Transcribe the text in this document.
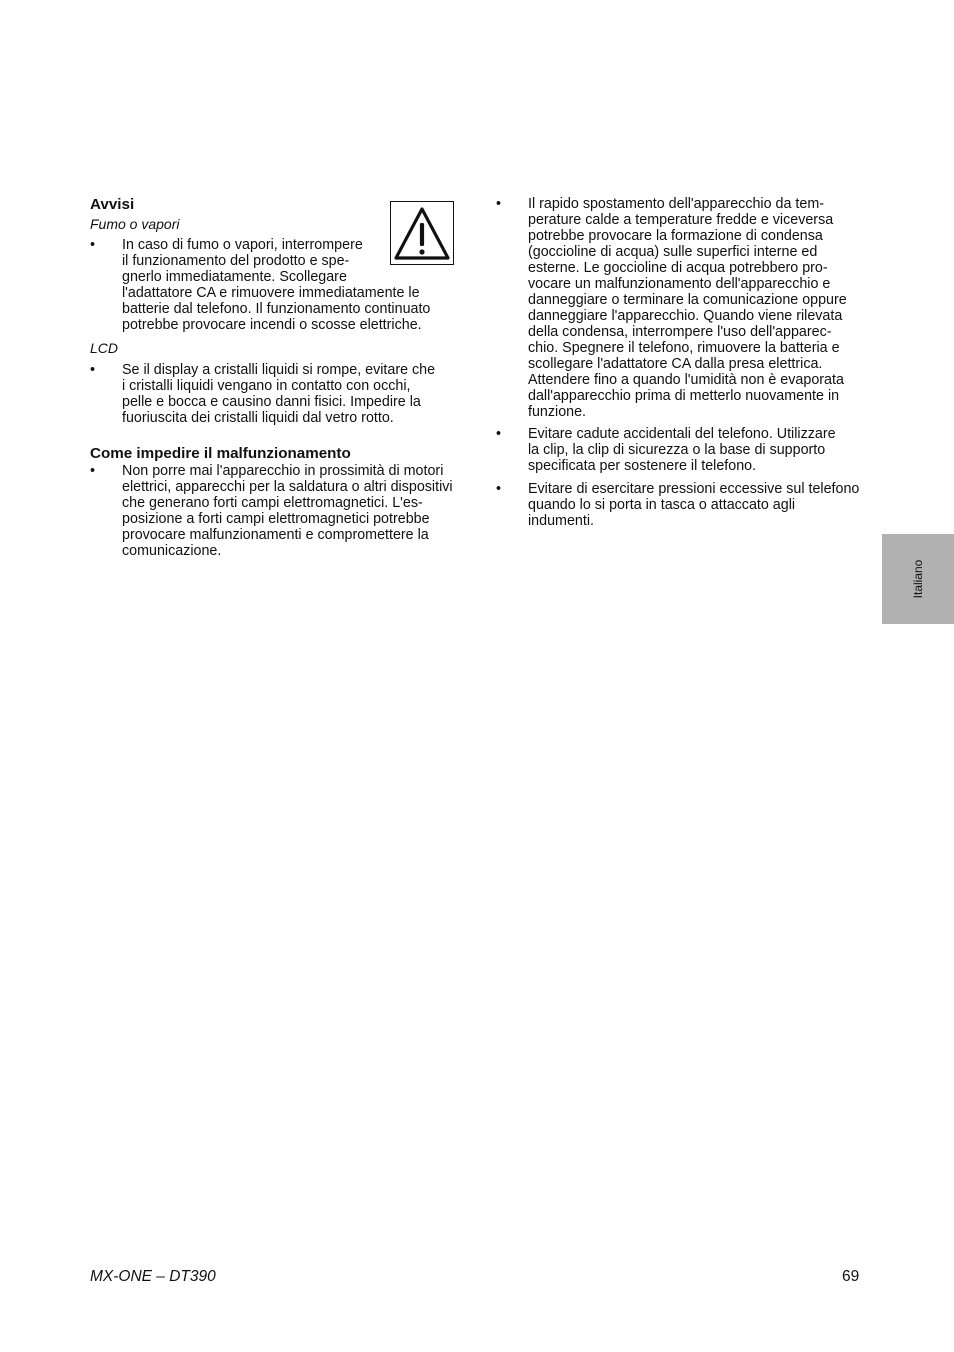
Avvisi
Fumo o vapori
•	In caso di fumo o vapori, interrompere
il funzionamento del prodotto e spe-
gnerlo immediatamente. Scollegare
l'adattatore CA e rimuovere immediatamente le
batterie dal telefono. Il funzionamento continuato
potrebbe provocare incendi o scosse elettriche.
LCD
•	Se il display a cristalli liquidi si rompe, evitare che
i cristalli liquidi vengano in contatto con occhi,
pelle e bocca e causino danni fisici. Impedire la
fuoriuscita dei cristalli liquidi dal vetro rotto.
Come impedire il malfunzionamento
•	Non porre mai l'apparecchio in prossimità di motori
elettrici, apparecchi per la saldatura o altri dispositivi
che generano forti campi elettromagnetici. L'es-
posizione a forti campi elettromagnetici potrebbe
provocare malfunzionamenti e compromettere la
comunicazione.
•	Il rapido spostamento dell'apparecchio da tem-
perature calde a temperature fredde e viceversa
potrebbe provocare la formazione di condensa
(goccioline di acqua) sulle superfici interne ed
esterne. Le goccioline di acqua potrebbero pro-
vocare un malfunzionamento dell'apparecchio e
danneggiare o terminare la comunicazione oppure
danneggiare l'apparecchio. Quando viene rilevata
della condensa, interrompere l'uso dell'apparec-
chio. Spegnere il telefono, rimuovere la batteria e
scollegare l'adattatore CA dalla presa elettrica.
Attendere fino a quando l'umidità non è evaporata
dall'apparecchio prima di metterlo nuovamente in
funzione.
•	Evitare cadute accidentali del telefono. Utilizzare
la clip, la clip di sicurezza o la base di supporto
specificata per sostenere il telefono.
•	Evitare di esercitare pressioni eccessive sul telefono
quando lo si porta in tasca o attaccato agli
indumenti.
Italiano
MX-ONE – DT390	69
